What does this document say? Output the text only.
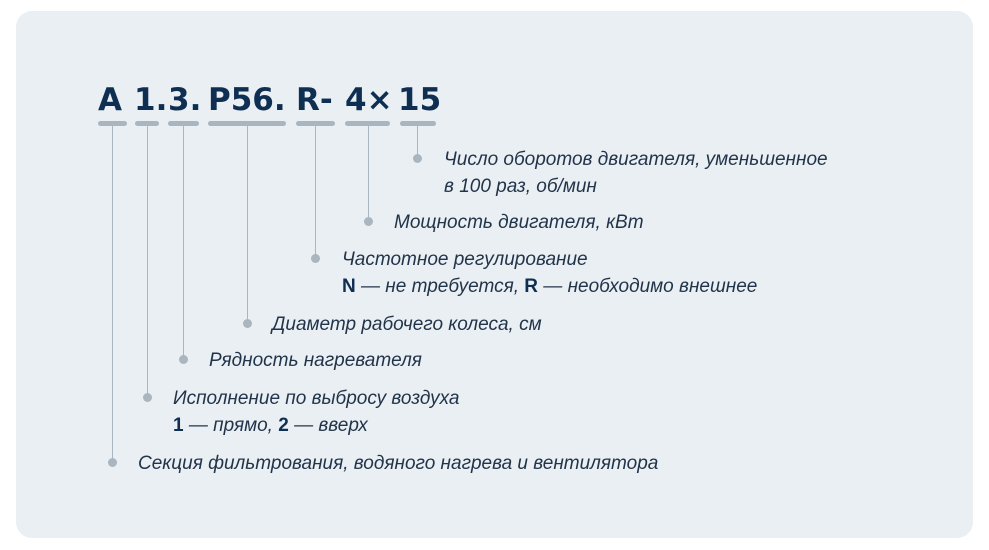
A 1. 3. P56. R- 4× 15
Число оборотов двигателя, уменьшенное
в 100 раз, об/мин
Мощность двигателя, кВт
Частотное регулирование
N — не требуется, R — необходимо внешнее
Диаметр рабочего колеса, см
Рядность нагревателя
Исполнение по выбросу воздуха
1 — прямо, 2 — вверх
Секция фильтрования, водяного нагрева и вентилятора
